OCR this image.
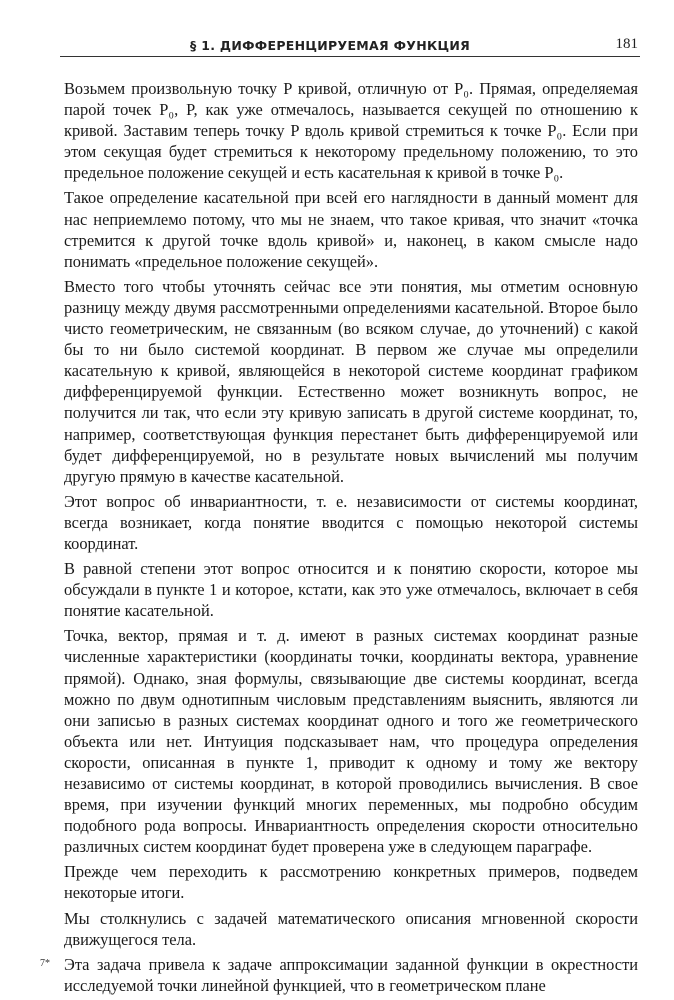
§ 1. ДИФФЕРЕНЦИРУЕМАЯ ФУНКЦИЯ	181

Возьмем произвольную точку P кривой, отличную от P₀. Прямая, определяемая парой точек P₀, P, как уже отмечалось, называется секущей по отношению к кривой. Заставим теперь точку P вдоль кривой стремиться к точке P₀. Если при этом секущая будет стремиться к некоторому предельному положению, то это предельное положение секущей и есть касательная к кривой в точке P₀.

Такое определение касательной при всей его наглядности в данный момент для нас неприемлемо потому, что мы не знаем, что такое кривая, что значит «точка стремится к другой точке вдоль кривой» и, наконец, в каком смысле надо понимать «предельное положение секущей».

Вместо того чтобы уточнять сейчас все эти понятия, мы отметим основную разницу между двумя рассмотренными определениями касательной. Второе было чисто геометрическим, не связанным (во всяком случае, до уточнений) с какой бы то ни было системой координат. В первом же случае мы определили касательную к кривой, являющейся в некоторой системе координат графиком дифференцируемой функции. Естественно может возникнуть вопрос, не получится ли так, что если эту кривую записать в другой системе координат, то, например, соответствующая функция перестанет быть дифференцируемой или будет дифференцируемой, но в результате новых вычислений мы получим другую прямую в качестве касательной.

Этот вопрос об инвариантности, т. е. независимости от системы координат, всегда возникает, когда понятие вводится с помощью некоторой системы координат.

В равной степени этот вопрос относится и к понятию скорости, которое мы обсуждали в пункте 1 и которое, кстати, как это уже отмечалось, включает в себя понятие касательной.

Точка, вектор, прямая и т. д. имеют в разных системах координат разные численные характеристики (координаты точки, координаты вектора, уравнение прямой). Однако, зная формулы, связывающие две системы координат, всегда можно по двум однотипным числовым представлениям выяснить, являются ли они записью в разных системах координат одного и того же геометрического объекта или нет. Интуиция подсказывает нам, что процедура определения скорости, описанная в пункте 1, приводит к одному и тому же вектору независимо от системы координат, в которой проводились вычисления. В свое время, при изучении функций многих переменных, мы подробно обсудим подобного рода вопросы. Инвариантность определения скорости относительно различных систем координат будет проверена уже в следующем параграфе.

Прежде чем переходить к рассмотрению конкретных примеров, подведем некоторые итоги.

Мы столкнулись с задачей математического описания мгновенной скорости движущегося тела.

Эта задача привела к задаче аппроксимации заданной функции в окрестности исследуемой точки линейной функцией, что в геометрическом плане

7*
